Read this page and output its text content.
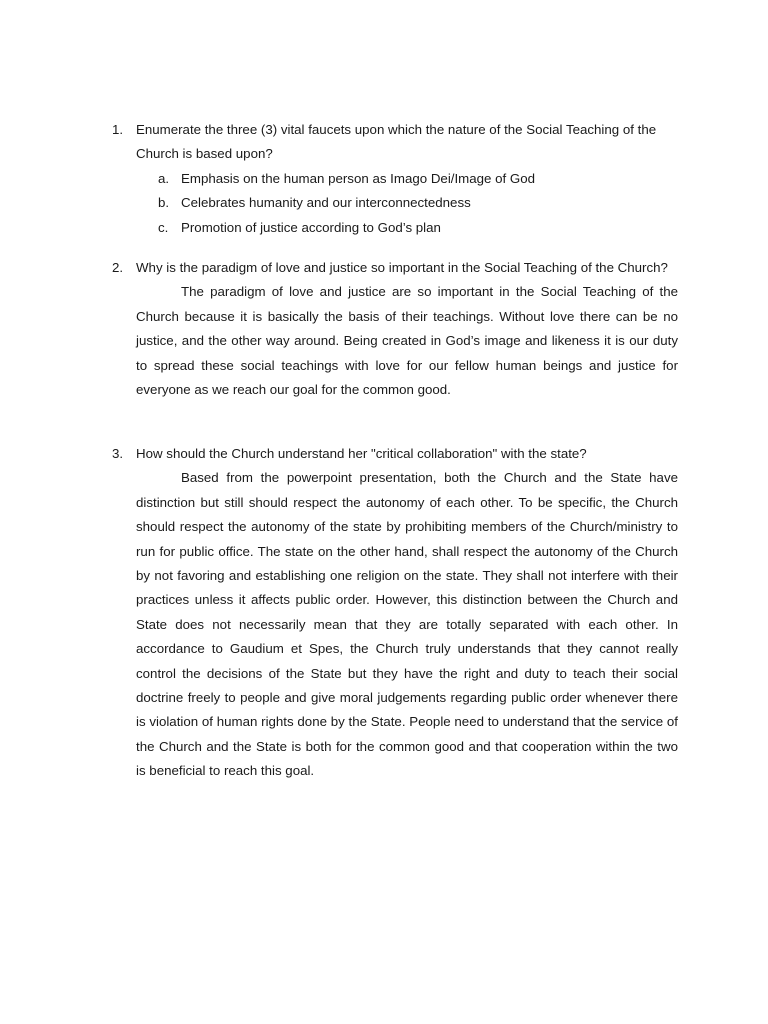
1. Enumerate the three (3) vital faucets upon which the nature of the Social Teaching of the Church is based upon?
a. Emphasis on the human person as Imago Dei/Image of God
b. Celebrates humanity and our interconnectedness
c. Promotion of justice according to God’s plan
2. Why is the paradigm of love and justice so important in the Social Teaching of the Church?
The paradigm of love and justice are so important in the Social Teaching of the Church because it is basically the basis of their teachings. Without love there can be no justice, and the other way around. Being created in God’s image and likeness it is our duty to spread these social teachings with love for our fellow human beings and justice for everyone as we reach our goal for the common good.
3. How should the Church understand her "critical collaboration" with the state?
Based from the powerpoint presentation, both the Church and the State have distinction but still should respect the autonomy of each other. To be specific, the Church should respect the autonomy of the state by prohibiting members of the Church/ministry to run for public office. The state on the other hand, shall respect the autonomy of the Church by not favoring and establishing one religion on the state. They shall not interfere with their practices unless it affects public order. However, this distinction between the Church and State does not necessarily mean that they are totally separated with each other. In accordance to Gaudium et Spes, the Church truly understands that they cannot really control the decisions of the State but they have the right and duty to teach their social doctrine freely to people and give moral judgements regarding public order whenever there is violation of human rights done by the State. People need to understand that the service of the Church and the State is both for the common good and that cooperation within the two is beneficial to reach this goal.
